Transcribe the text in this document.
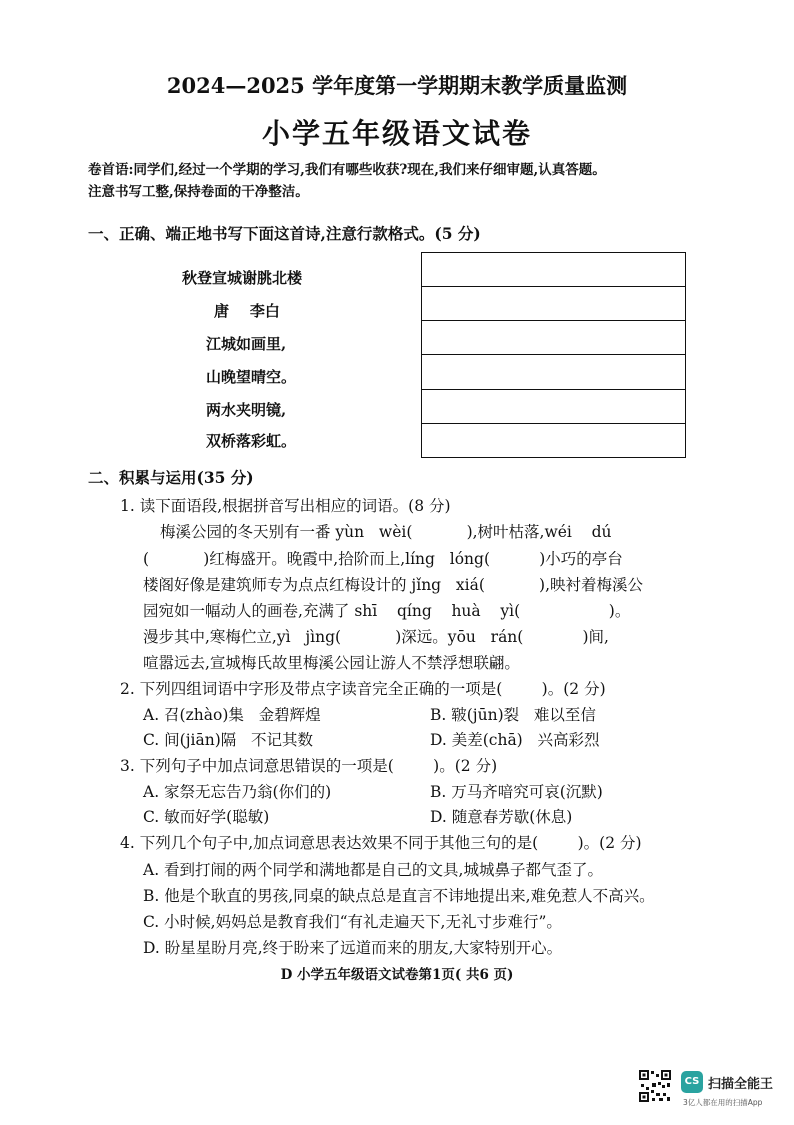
2024—2025 学年度第一学期期末教学质量监测
小学五年级语文试卷
卷首语:同学们,经过一个学期的学习,我们有哪些收获?现在,我们来仔细审题,认真答题。
注意书写工整,保持卷面的干净整洁。
一、正确、端正地书写下面这首诗,注意行款格式。(5 分)
秋登宣城谢朓北楼
唐    李白
江城如画里,
山晚望晴空。
两水夹明镜,
双桥落彩虹。
二、积累与运用(35 分)
1. 读下面语段,根据拼音写出相应的词语。(8 分)
梅溪公园的冬天别有一番 yùn   wèi(           ),树叶枯落,wéi    dú
(           )红梅盛开。晚霞中,拾阶而上,líng   lóng(          )小巧的亭台
楼阁好像是建筑师专为点点红梅设计的 jǐng   xiá(           ),映衬着梅溪公
园宛如一幅动人的画卷,充满了 shī    qíng    huà    yì(                  )。
漫步其中,寒梅伫立,yì   jìng(           )深远。yōu   rán(            )间,
喧嚣远去,宣城梅氏故里梅溪公园让游人不禁浮想联翩。
2. 下列四组词语中字形及带点字读音完全正确的一项是(        )。(2 分)
A. 召(zhào)集   金碧辉煌	B. 皲(jūn)裂   难以至信
C. 间(jiān)隔   不记其数	D. 美差(chā)   兴高彩烈
3. 下列句子中加点词意思错误的一项是(        )。(2 分)
A. 家祭无忘告乃翁(你们的)	B. 万马齐喑究可哀(沉默)
C. 敏而好学(聪敏)	D. 随意春芳歇(休息)
4. 下列几个句子中,加点词意思表达效果不同于其他三句的是(        )。(2 分)
A. 看到打闹的两个同学和满地都是自己的文具,城城鼻子都气歪了。
B. 他是个耿直的男孩,同桌的缺点总是直言不讳地提出来,难免惹人不高兴。
C. 小时候,妈妈总是教育我们“有礼走遍天下,无礼寸步难行”。
D. 盼星星盼月亮,终于盼来了远道而来的朋友,大家特别开心。
D 小学五年级语文试卷第1页( 共6 页)
CS 扫描全能王
3亿人都在用的扫描App
